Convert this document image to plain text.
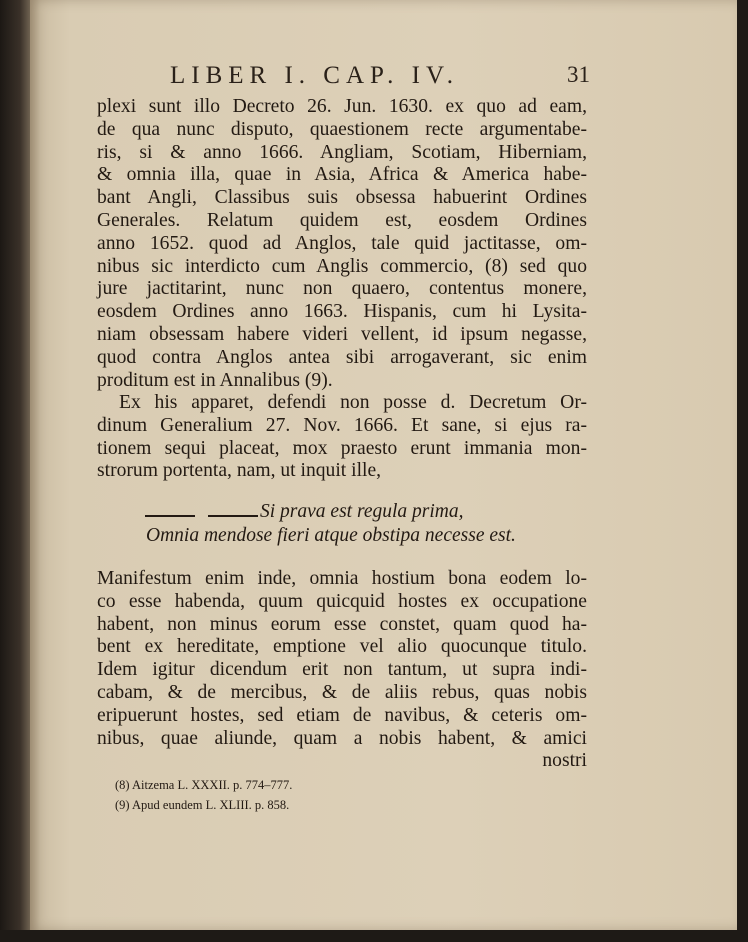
LIBER I. CAP. IV.	31
plexi sunt illo Decreto 26. Jun. 1630. ex quo ad eam,
de qua nunc disputo, quaestionem recte argumentabe-
ris, si & anno 1666. Angliam, Scotiam, Hiberniam,
& omnia illa, quae in Asia, Africa & America habe-
bant Angli, Classibus suis obsessa habuerint Ordines
Generales. Relatum quidem est, eosdem Ordines
anno 1652. quod ad Anglos, tale quid jactitasse, om-
nibus sic interdicto cum Anglis commercio, (8) sed quo
jure jactitarint, nunc non quaero, contentus monere,
eosdem Ordines anno 1663. Hispanis, cum hi Lysita-
niam obsessam habere videri vellent, id ipsum negasse,
quod contra Anglos antea sibi arrogaverant, sic enim
proditum est in Annalibus (9).
Ex his apparet, defendi non posse d. Decretum Or-
dinum Generalium 27. Nov. 1666. Et sane, si ejus ra-
tionem sequi placeat, mox praesto erunt immania mon-
strorum portenta, nam, ut inquit ille,
Si prava est regula prima,
Omnia mendose fieri atque obstipa necesse est.
Manifestum enim inde, omnia hostium bona eodem lo-
co esse habenda, quum quicquid hostes ex occupatione
habent, non minus eorum esse constet, quam quod ha-
bent ex hereditate, emptione vel alio quocunque titulo.
Idem igitur dicendum erit non tantum, ut supra indi-
cabam, & de mercibus, & de aliis rebus, quas nobis
eripuerunt hostes, sed etiam de navibus, & ceteris om-
nibus, quae aliunde, quam a nobis habent, & amici
nostri
(8) Aitzema L. XXXII. p. 774–777.
(9) Apud eundem L. XLIII. p. 858.
